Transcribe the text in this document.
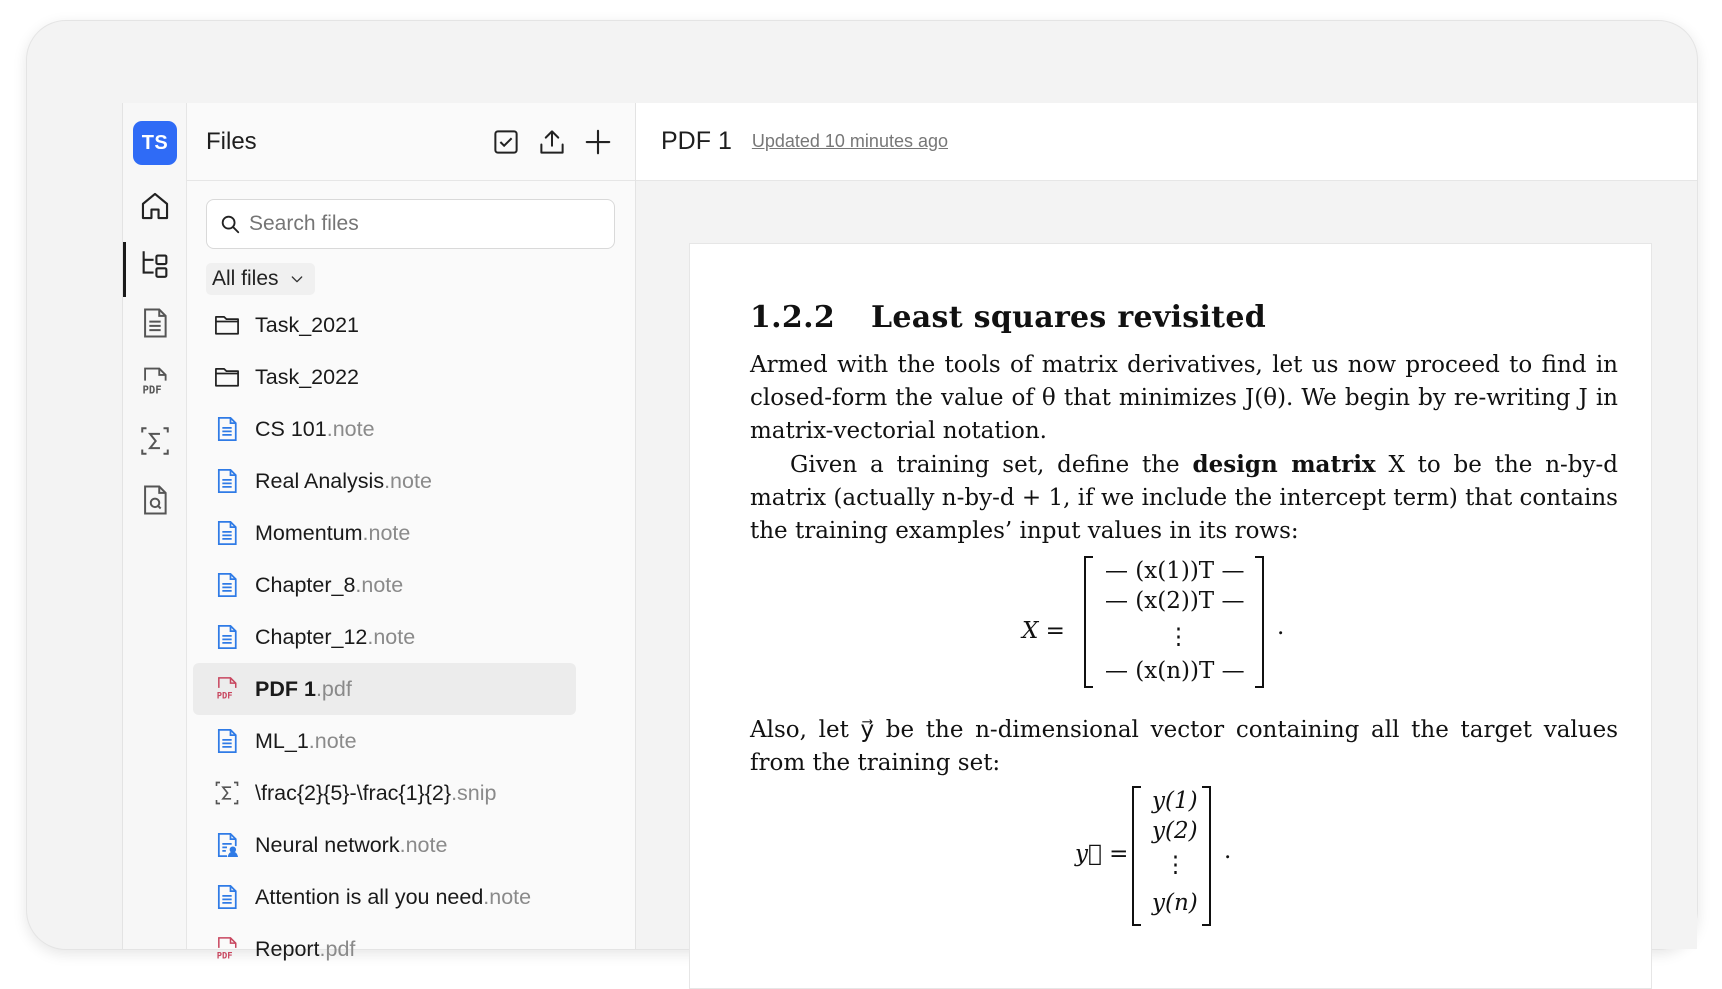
TS
PDF
Files
Search files
All files
Task_2021
Task_2022
CS 101 .note
Real Analysis .note
Momentum .note
Chapter_8 .note
Chapter_12 .note
PDF PDF 1 .pdf
ML_1 .note
\frac{2}{5}-\frac{1}{2} .snip
Neural network .note
Attention is all you need .note
PDF Report .pdf
PDF 1 Updated 10 minutes ago
1.2.2 Least squares revisited

Armed with the tools of matrix derivatives, let us now proceed to find in closed-form the value of θ that minimizes J(θ). We begin by re-writing J in matrix-vectorial notation.

Given a training set, define the design matrix X to be the n-by-d matrix (actually n-by-d + 1, if we include the intercept term) that contains the training examples’ input values in its rows:

X =
— (x(1))T —
— (x(2))T —
⋮
— (x(n))T —
.

Also, let y⃗ be the n-dimensional vector containing all the target values from the training set:

y⃗ =
y(1)
y(2)
⋮
y(n)
.
